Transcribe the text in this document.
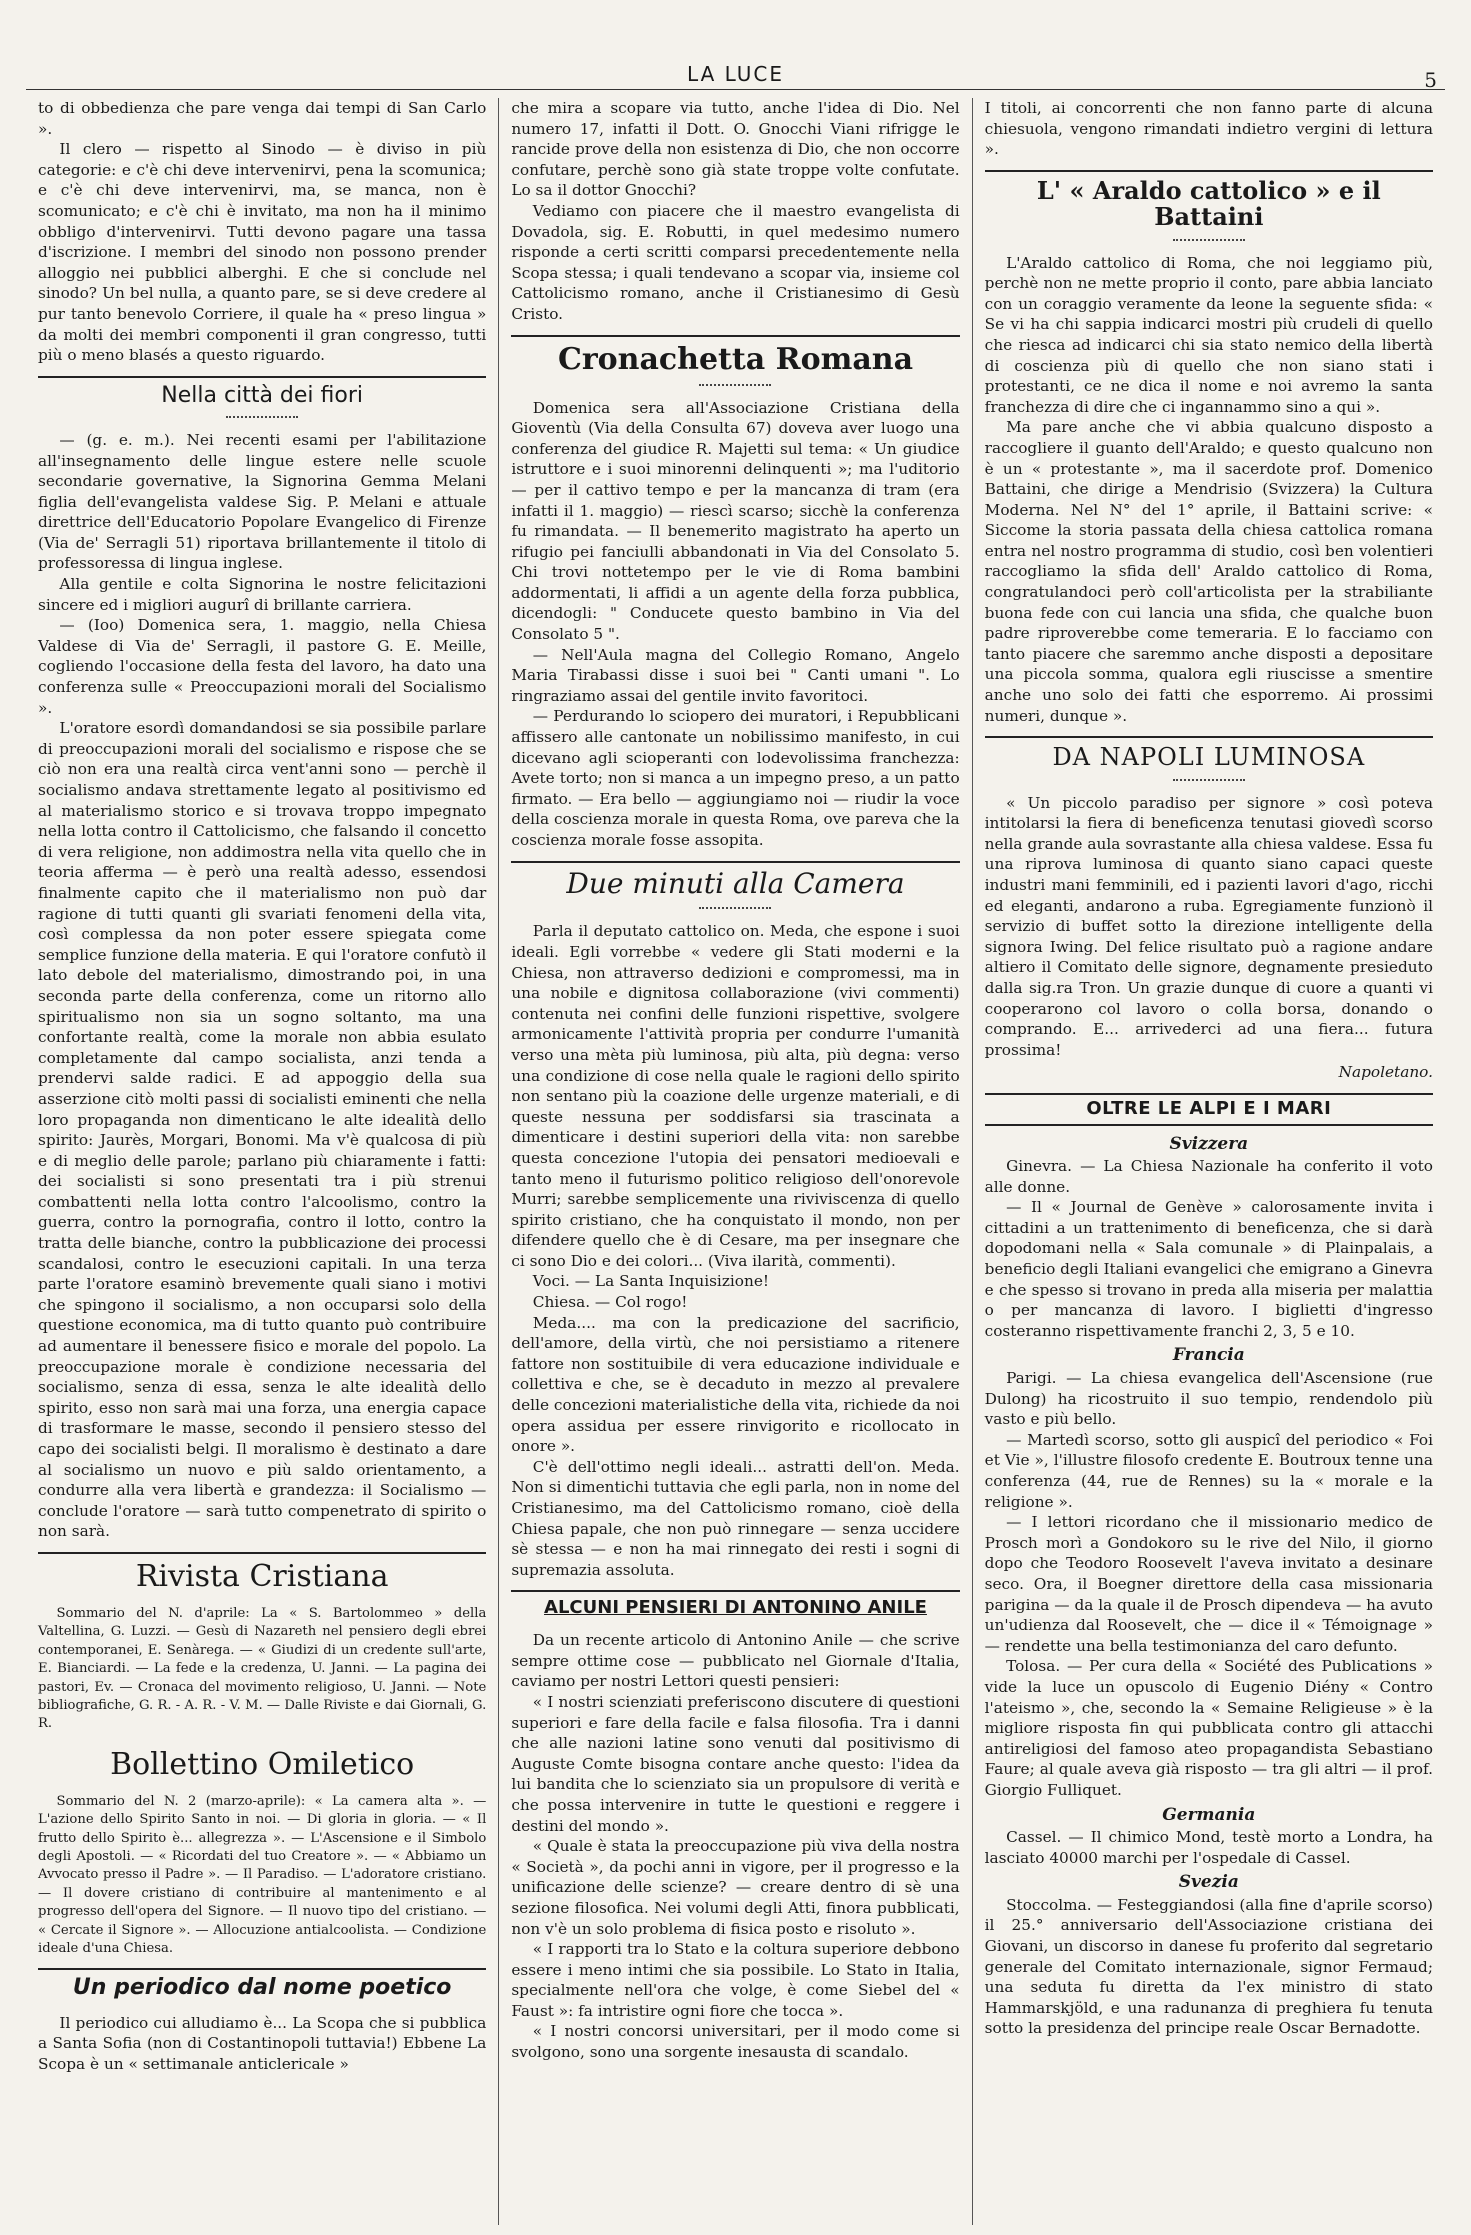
LA LUCE	5

to di obbedienza che pare venga dai tempi di San Carlo ».

Il clero — rispetto al Sinodo — è diviso in più categorie: e c'è chi deve intervenirvi, pena la scomunica; e c'è chi deve intervenirvi, ma, se manca, non è scomunicato; e c'è chi è invitato, ma non ha il minimo obbligo d'intervenirvi. Tutti devono pagare una tassa d'iscrizione. I membri del sinodo non possono prender alloggio nei pubblici alberghi. E che si conclude nel sinodo? Un bel nulla, a quanto pare, se si deve credere al pur tanto benevolo Corriere, il quale ha « preso lingua » da molti dei membri componenti il gran congresso, tutti più o meno blasés a questo riguardo.

Nella città dei fiori

— (g. e. m.). Nei recenti esami per l'abilitazione all'insegnamento delle lingue estere nelle scuole secondarie governative, la Signorina Gemma Melani figlia dell'evangelista valdese Sig. P. Melani e attuale direttrice dell'Educatorio Popolare Evangelico di Firenze (Via de' Serragli 51) riportava brillantemente il titolo di professoressa di lingua inglese.

Alla gentile e colta Signorina le nostre felicitazioni sincere ed i migliori augurî di brillante carriera.

— (Ioo) Domenica sera, 1. maggio, nella Chiesa Valdese di Via de' Serragli, il pastore G. E. Meille, cogliendo l'occasione della festa del lavoro, ha dato una conferenza sulle « Preoccupazioni morali del Socialismo ».

L'oratore esordì domandandosi se sia possibile parlare di preoccupazioni morali del socialismo e rispose che se ciò non era una realtà circa vent'anni sono — perchè il socialismo andava strettamente legato al positivismo ed al materialismo storico e si trovava troppo impegnato nella lotta contro il Cattolicismo, che falsando il concetto di vera religione, non addimostra nella vita quello che in teoria afferma — è però una realtà adesso, essendosi finalmente capito che il materialismo non può dar ragione di tutti quanti gli svariati fenomeni della vita, così complessa da non poter essere spiegata come semplice funzione della materia. E qui l'oratore confutò il lato debole del materialismo, dimostrando poi, in una seconda parte della conferenza, come un ritorno allo spiritualismo non sia un sogno soltanto, ma una confortante realtà, come la morale non abbia esulato completamente dal campo socialista, anzi tenda a prendervi salde radici. E ad appoggio della sua asserzione citò molti passi di socialisti eminenti che nella loro propaganda non dimenticano le alte idealità dello spirito: Jaurès, Morgari, Bonomi. Ma v'è qualcosa di più e di meglio delle parole; parlano più chiaramente i fatti: dei socialisti si sono presentati tra i più strenui combattenti nella lotta contro l'alcoolismo, contro la guerra, contro la pornografia, contro il lotto, contro la tratta delle bianche, contro la pubblicazione dei processi scandalosi, contro le esecuzioni capitali. In una terza parte l'oratore esaminò brevemente quali siano i motivi che spingono il socialismo, a non occuparsi solo della questione economica, ma di tutto quanto può contribuire ad aumentare il benessere fisico e morale del popolo. La preoccupazione morale è condizione necessaria del socialismo, senza di essa, senza le alte idealità dello spirito, esso non sarà mai una forza, una energia capace di trasformare le masse, secondo il pensiero stesso del capo dei socialisti belgi. Il moralismo è destinato a dare al socialismo un nuovo e più saldo orientamento, a condurre alla vera libertà e grandezza: il Socialismo — conclude l'oratore — sarà tutto compenetrato di spirito o non sarà.

Rivista Cristiana

Sommario del N. d'aprile: La « S. Bartolommeo » della Valtellina, G. Luzzi. — Gesù di Nazareth nel pensiero degli ebrei contemporanei, E. Senàrega. — « Giudizi di un credente sull'arte, E. Bianciardi. — La fede e la credenza, U. Janni. — La pagina dei pastori, Ev. — Cronaca del movimento religioso, U. Janni. — Note bibliografiche, G. R. - A. R. - V. M. — Dalle Riviste e dai Giornali, G. R.

Bollettino Omiletico

Sommario del N. 2 (marzo-aprile): « La camera alta ». — L'azione dello Spirito Santo in noi. — Di gloria in gloria. — « Il frutto dello Spirito è... allegrezza ». — L'Ascensione e il Simbolo degli Apostoli. — « Ricordati del tuo Creatore ». — « Abbiamo un Avvocato presso il Padre ». — Il Paradiso. — L'adoratore cristiano. — Il dovere cristiano di contribuire al mantenimento e al progresso dell'opera del Signore. — Il nuovo tipo del cristiano. — « Cercate il Signore ». — Allocuzione antialcoolista. — Condizione ideale d'una Chiesa.

Un periodico dal nome poetico

Il periodico cui alludiamo è... La Scopa che si pubblica a Santa Sofia (non di Costantinopoli tuttavia!) Ebbene La Scopa è un « settimanale anticlericale »

che mira a scopare via tutto, anche l'idea di Dio. Nel numero 17, infatti il Dott. O. Gnocchi Viani rifrigge le rancide prove della non esistenza di Dio, che non occorre confutare, perchè sono già state troppe volte confutate. Lo sa il dottor Gnocchi?

Vediamo con piacere che il maestro evangelista di Dovadola, sig. E. Robutti, in quel medesimo numero risponde a certi scritti comparsi precedentemente nella Scopa stessa; i quali tendevano a scopar via, insieme col Cattolicismo romano, anche il Cristianesimo di Gesù Cristo.

Cronachetta Romana

Domenica sera all'Associazione Cristiana della Gioventù (Via della Consulta 67) doveva aver luogo una conferenza del giudice R. Majetti sul tema: « Un giudice istruttore e i suoi minorenni delinquenti »; ma l'uditorio — per il cattivo tempo e per la mancanza di tram (era infatti il 1. maggio) — riescì scarso; sicchè la conferenza fu rimandata. — Il benemerito magistrato ha aperto un rifugio pei fanciulli abbandonati in Via del Consolato 5. Chi trovi nottetempo per le vie di Roma bambini addormentati, li affidi a un agente della forza pubblica, dicendogli: " Conducete questo bambino in Via del Consolato 5 ".

— Nell'Aula magna del Collegio Romano, Angelo Maria Tirabassi disse i suoi bei " Canti umani ". Lo ringraziamo assai del gentile invito favoritoci.

— Perdurando lo sciopero dei muratori, i Repubblicani affissero alle cantonate un nobilissimo manifesto, in cui dicevano agli scioperanti con lodevolissima franchezza: Avete torto; non si manca a un impegno preso, a un patto firmato. — Era bello — aggiungiamo noi — riudir la voce della coscienza morale in questa Roma, ove pareva che la coscienza morale fosse assopita.

Due minuti alla Camera

Parla il deputato cattolico on. Meda, che espone i suoi ideali. Egli vorrebbe « vedere gli Stati moderni e la Chiesa, non attraverso dedizioni e compromessi, ma in una nobile e dignitosa collaborazione (vivi commenti) contenuta nei confini delle funzioni rispettive, svolgere armonicamente l'attività propria per condurre l'umanità verso una mèta più luminosa, più alta, più degna: verso una condizione di cose nella quale le ragioni dello spirito non sentano più la coazione delle urgenze materiali, e di queste nessuna per soddisfarsi sia trascinata a dimenticare i destini superiori della vita: non sarebbe questa concezione l'utopia dei pensatori medioevali e tanto meno il futurismo politico religioso dell'onorevole Murri; sarebbe semplicemente una riviviscenza di quello spirito cristiano, che ha conquistato il mondo, non per difendere quello che è di Cesare, ma per insegnare che ci sono Dio e dei colori... (Viva ilarità, commenti).

Voci. — La Santa Inquisizione!

Chiesa. — Col rogo!

Meda.... ma con la predicazione del sacrificio, dell'amore, della virtù, che noi persistiamo a ritenere fattore non sostituibile di vera educazione individuale e collettiva e che, se è decaduto in mezzo al prevalere delle concezioni materialistiche della vita, richiede da noi opera assidua per essere rinvigorito e ricollocato in onore ».

C'è dell'ottimo negli ideali... astratti dell'on. Meda. Non si dimentichi tuttavia che egli parla, non in nome del Cristianesimo, ma del Cattolicismo romano, cioè della Chiesa papale, che non può rinnegare — senza uccidere sè stessa — e non ha mai rinnegato dei resti i sogni di supremazia assoluta.

ALCUNI PENSIERI DI ANTONINO ANILE

Da un recente articolo di Antonino Anile — che scrive sempre ottime cose — pubblicato nel Giornale d'Italia, caviamo per nostri Lettori questi pensieri:

« I nostri scienziati preferiscono discutere di questioni superiori e fare della facile e falsa filosofia. Tra i danni che alle nazioni latine sono venuti dal positivismo di Auguste Comte bisogna contare anche questo: l'idea da lui bandita che lo scienziato sia un propulsore di verità e che possa intervenire in tutte le questioni e reggere i destini del mondo ».

« Quale è stata la preoccupazione più viva della nostra « Società », da pochi anni in vigore, per il progresso e la unificazione delle scienze? — crearе dentro di sè una sezione filosofica. Nei volumi degli Atti, finora pubblicati, non v'è un solo problema di fisica posto e risoluto ».

« I rapporti tra lo Stato e la coltura superiore debbono essere i meno intimi che sia possibile. Lo Stato in Italia, specialmente nell'ora che volge, è come Siebel del « Faust »: fa intristire ogni fiore che tocca ».

« I nostri concorsi universitari, per il modo come si svolgono, sono una sorgente inesausta di scandalo.

I titoli, ai concorrenti che non fanno parte di alcuna chiesuola, vengono rimandati indietro vergini di lettura ».

L' « Araldo cattolico » e il Battaini

L'Araldo cattolico di Roma, che noi leggiamo più, perchè non ne mette proprio il conto, pare abbia lanciato con un coraggio veramente da leone la seguente sfida: « Se vi ha chi sappia indicarci mostri più crudeli di quello che riesca ad indicarci chi sia stato nemico della libertà di coscienza più di quello che non siano stati i protestanti, ce ne dica il nome e noi avremo la santa franchezza di dire che ci ingannammo sino a qui ».

Ma pare anche che vi abbia qualcuno disposto a raccogliere il guanto dell'Araldo; e questo qualcuno non è un « protestante », ma il sacerdote prof. Domenico Battaini, che dirige a Mendrisio (Svizzera) la Cultura Moderna. Nel N° del 1° aprile, il Battaini scrive: « Siccome la storia passata della chiesa cattolica romana entra nel nostro programma di studio, così ben volentieri raccogliamo la sfida dell' Araldo cattolico di Roma, congratulandoci però coll'articolista per la strabiliante buona fede con cui lancia una sfida, che qualche buon padre riproverebbe come temeraria. E lo facciamo con tanto piacere che saremmo anche disposti a depositare una piccola somma, qualora egli riuscisse a smentire anche uno solo dei fatti che esporremo. Ai prossimi numeri, dunque ».

DA NAPOLI LUMINOSA

« Un piccolo paradiso per signore » così poteva intitolarsi la fiera di beneficenza tenutasi giovedì scorso nella grande aula sovrastante alla chiesa valdese. Essa fu una riprova luminosa di quanto siano capaci queste industri mani femminili, ed i pazienti lavori d'ago, ricchi ed eleganti, andarono a ruba. Egregiamente funzionò il servizio di buffet sotto la direzione intelligente della signora Iwing. Del felice risultato può a ragione andare altiero il Comitato delle signore, degnamente presieduto dalla sig.ra Tron. Un grazie dunque di cuore a quanti vi cooperarono col lavoro o colla borsa, donando o comprando. E... arrivederci ad una fiera... futura prossima!

Napoletano.

OLTRE LE ALPI E I MARI

Svizzera

Ginevra. — La Chiesa Nazionale ha conferito il voto alle donne.

— Il « Journal de Genève » calorosamente invita i cittadini a un trattenimento di beneficenza, che si darà dopodomani nella « Sala comunale » di Plainpalais, a beneficio degli Italiani evangelici che emigrano a Ginevra e che spesso si trovano in preda alla miseria per malattia o per mancanza di lavoro. I biglietti d'ingresso costeranno rispettivamente franchi 2, 3, 5 e 10.

Francia

Parigi. — La chiesa evangelica dell'Ascensione (rue Dulong) ha ricostruito il suo tempio, rendendolo più vasto e più bello.

— Martedì scorso, sotto gli auspicî del periodico « Foi et Vie », l'illustre filosofo credente E. Boutroux tenne una conferenza (44, rue de Rennes) su la « morale e la religione ».

— I lettori ricordano che il missionario medico de Prosch morì a Gondokoro su le rive del Nilo, il giorno dopo che Teodoro Roosevelt l'aveva invitato a desinare seco. Ora, il Boegner direttore della casa missionaria parigina — da la quale il de Prosch dipendeva — ha avuto un'udienza dal Roosevelt, che — dice il « Témoignage » — rendette una bella testimonianza del caro defunto.

Tolosa. — Per cura della « Société des Publications » vide la luce un opuscolo di Eugenio Diény « Contro l'ateismo », che, secondo la « Semaine Religieuse » è la migliore risposta fin qui pubblicata contro gli attacchi antireligiosi del famoso ateo propagandista Sebastiano Faure; al quale aveva già risposto — tra gli altri — il prof. Giorgio Fulliquet.

Germania

Cassel. — Il chimico Mond, testè morto a Londra, ha lasciato 40000 marchi per l'ospedale di Cassel.

Svezia

Stoccolma. — Festeggiandosi (alla fine d'aprile scorso) il 25.° anniversario dell'Associazione cristiana dei Giovani, un discorso in danese fu proferito dal segretario generale del Comitato internazionale, signor Fermaud; una seduta fu diretta da l'ex ministro di stato Hammarskjöld, e una radunanza di preghiera fu tenuta sotto la presidenza del principe reale Oscar Bernadotte.
